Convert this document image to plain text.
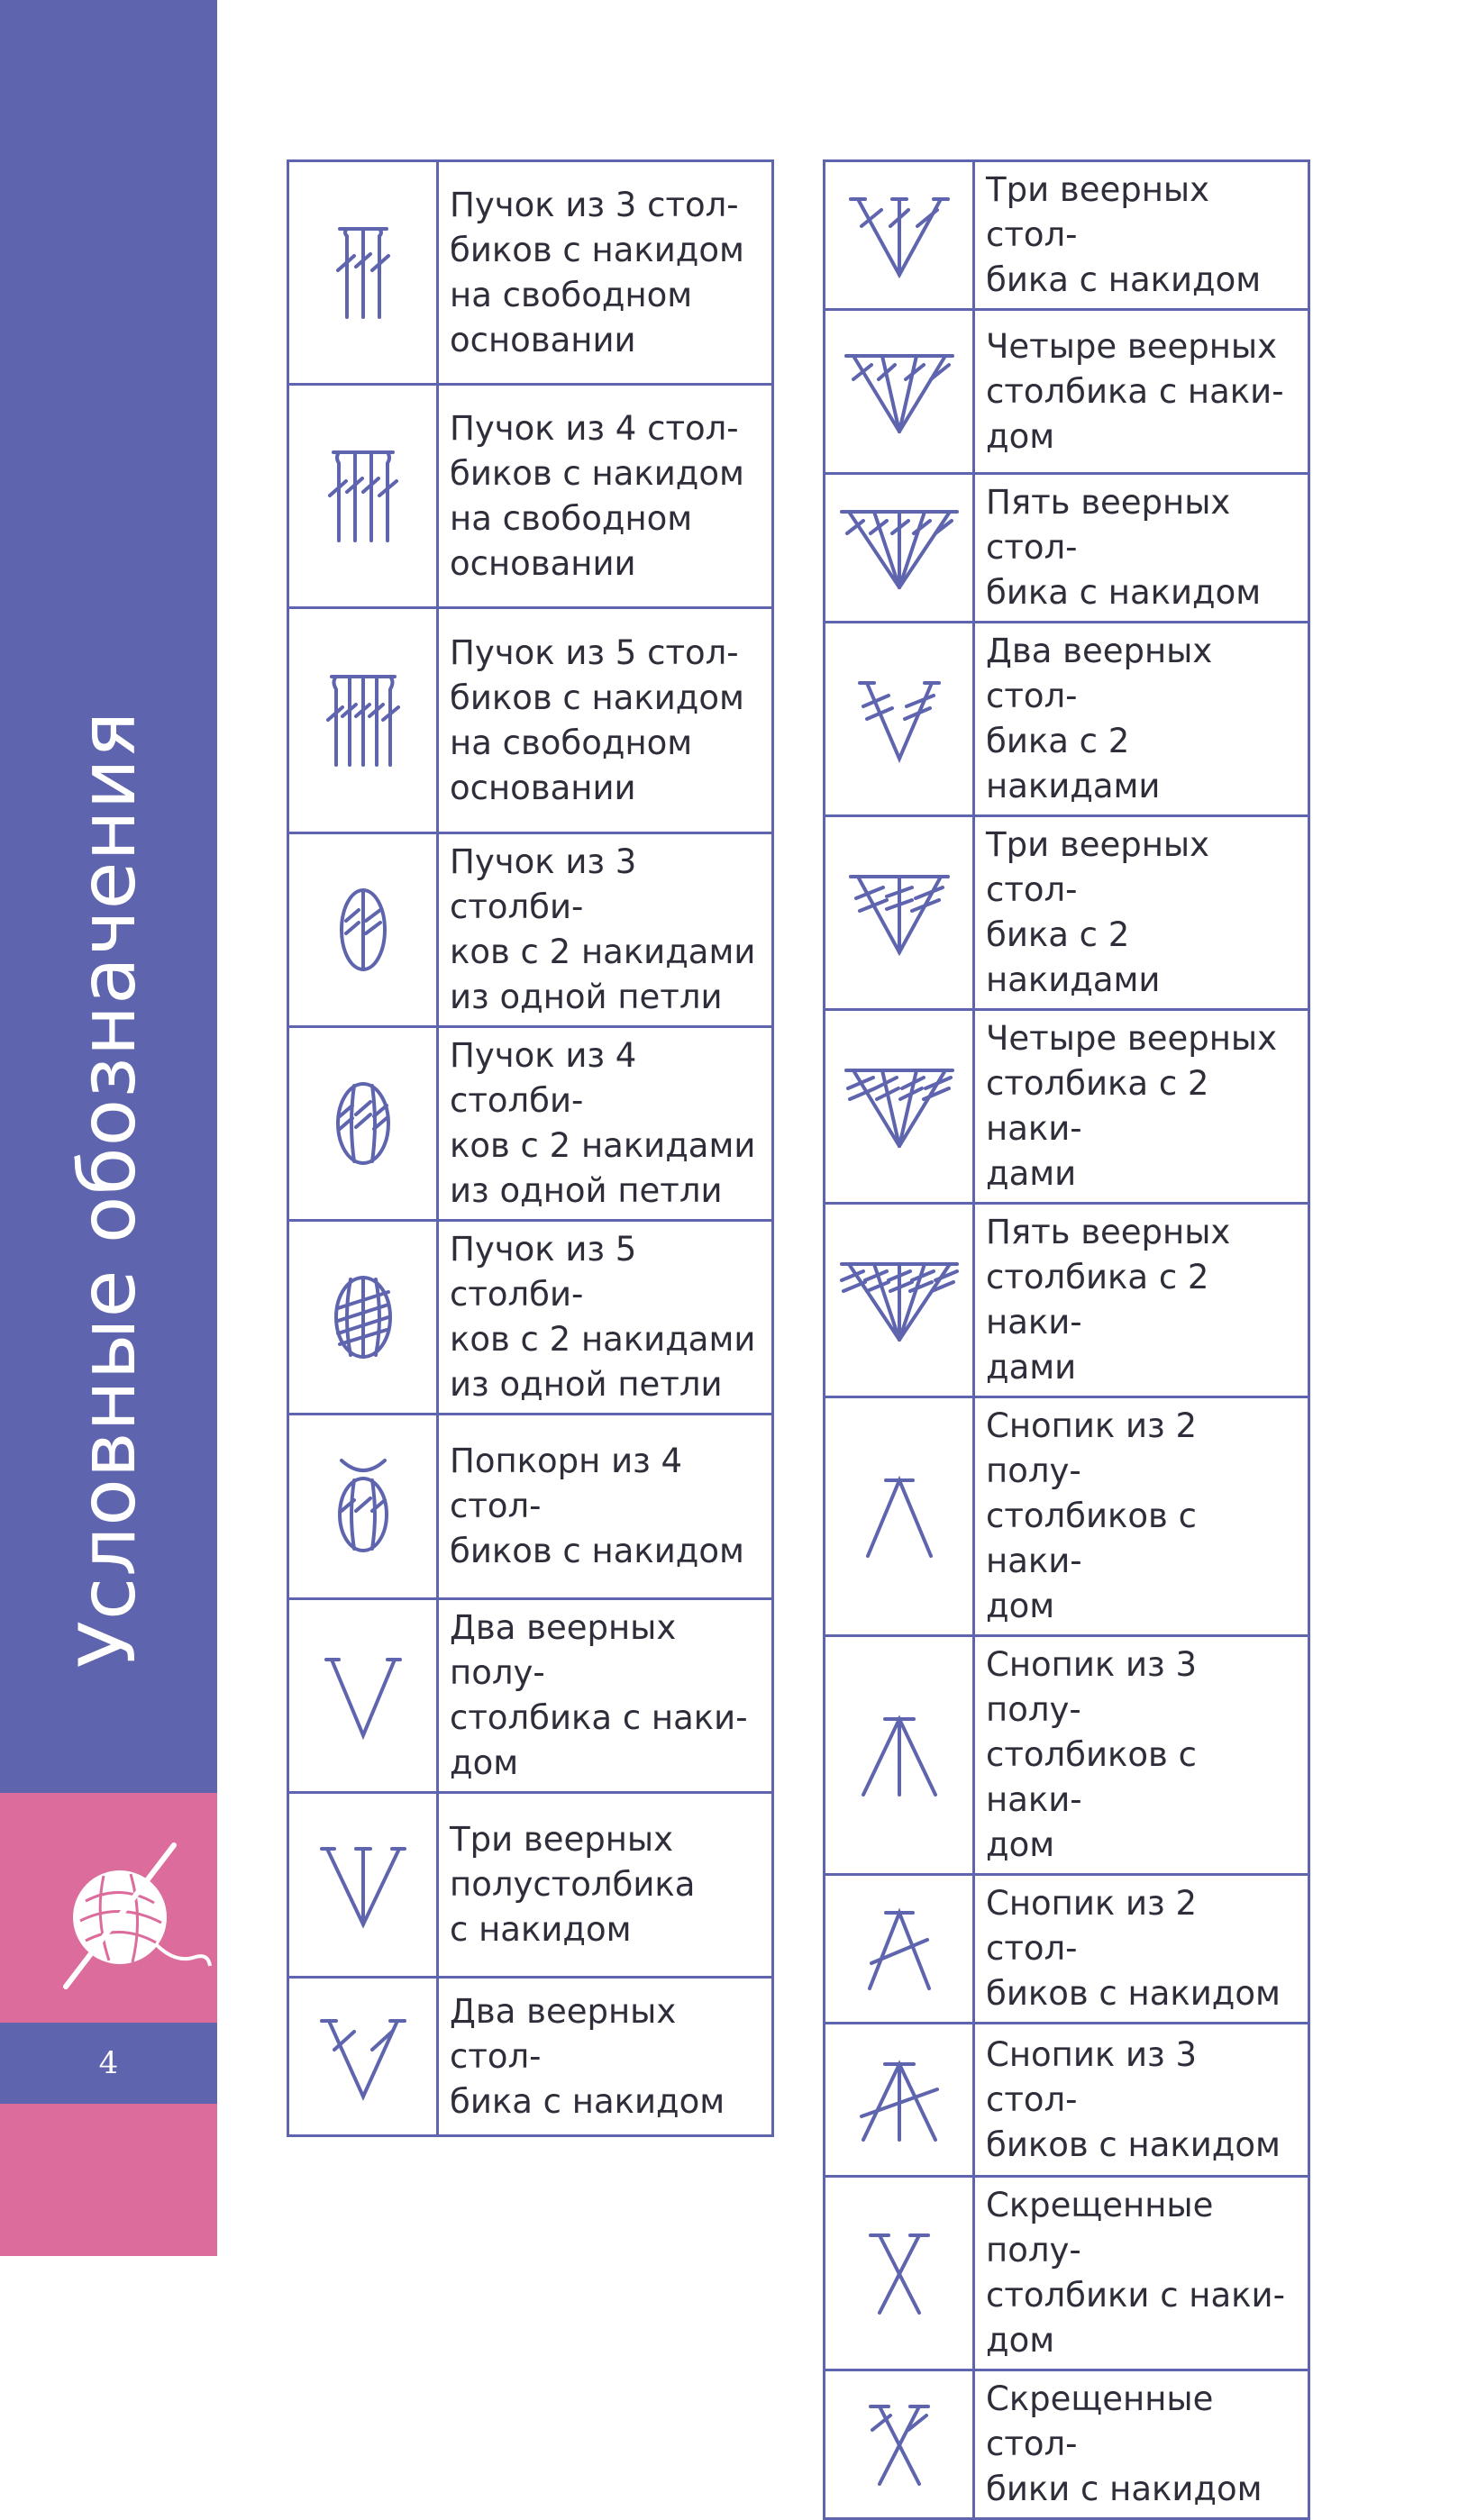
Условные обозначения
4
	Пучок из 3 стол-
биков с накидом
на свободном
основании

	Пучок из 4 стол-
биков с накидом
на свободном
основании

	Пучок из 5 стол-
биков с накидом
на свободном
основании

	Пучок из 3 столби-
ков с 2 накидами
из одной петли

	Пучок из 4 столби-
ков с 2 накидами
из одной петли

	Пучок из 5 столби-
ков с 2 накидами
из одной петли

	Попкорн из 4 стол-
биков с накидом

	Два веерных полу-
столбика с наки-
дом

	Три веерных
полустолбика
с накидом

	Два веерных стол-
бика с накидом
	Три веерных стол-
бика с накидом

	Четыре веерных
столбика с наки-
дом

	Пять веерных стол-
бика с накидом

	Два веерных стол-
бика с 2 накидами

	Три веерных стол-
бика с 2 накидами

	Четыре веерных
столбика с 2 наки-
дами

	Пять веерных
столбика с 2 наки-
дами

	Снопик из 2 полу-
столбиков с наки-
дом

	Снопик из 3 полу-
столбиков с наки-
дом

	Снопик из 2 стол-
биков с накидом

	Снопик из 3 стол-
биков с накидом

	Скрещенные полу-
столбики с наки-
дом

	Скрещенные стол-
бики с накидом
